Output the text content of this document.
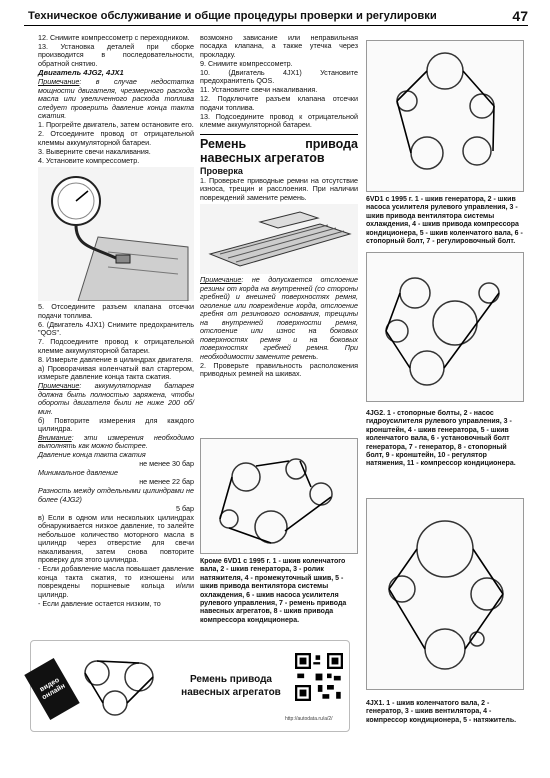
Техническое обслуживание и общие процедуры проверки и регулировки	47

12. Снимите компрессометр с переходником.

13. Установка деталей при сборке производится в последовательности, обратной снятию.

Двигатель 4JG2, 4JX1

Примечание: в случае недостатка мощности двигателя, чрезмерного расхода масла или увеличенного расхода топлива следует проверить давление конца такта сжатия.

1. Прогрейте двигатель, затем остановите его.

2. Отсоедините провод от отрицательной клеммы аккумуляторной батареи.

3. Выверните свечи накаливания.

4. Установите компрессометр.

5. Отсоедините разъем клапана отсечки подачи топлива.

6. (Двигатель 4JX1) Снимите предохранитель "QOS".

7. Подсоедините провод к отрицательной клемме аккумуляторной батареи.

8. Измерьте давление в цилиндрах двигателя.

а) Проворачивая коленчатый вал стартером, измерьте давление конца такта сжатия.

Примечание: аккумуляторная батарея должна быть полностью заряжена, чтобы обороты двигателя были не ниже 200 об/мин.

б) Повторите измерения для каждого цилиндра.

Внимание: эти измерения необходимо выполнять как можно быстрее.

Давление конца такта сжатия

не менее 30 бар

Минимальное давление

не менее 22 бар

Разность между отдельными цилиндрами не более (4JG2)

5 бар

в) Если в одном или нескольких цилиндрах обнаруживается низкое давление, то залейте небольшое количество моторного масла в цилиндр через отверстие для свечи накаливания, затем снова повторите проверку для этого цилиндра.

- Если добавление масла повышает давление конца такта сжатия, то изношены или повреждены поршневые кольца и/или цилиндр.

- Если давление остается низким, то

возможно зависание или неправильная посадка клапана, а также утечка через прокладку.

9. Снимите компрессометр.

10. (Двигатель 4JX1) Установите предохранитель QOS.

11. Установите свечи накаливания.

12. Подключите разъем клапана отсечки подачи топлива.

13. Подсоедините провод к отрицательной клемме аккумуляторной батареи.

Ремень привода навесных агрегатов

Проверка

1. Проверьте приводные ремни на отсутствие износа, трещин и расслоения. При наличии повреждений замените ремень.

Примечание: не допускается отслоение резины от корда на внутренней (со стороны гребней) и внешней поверхностях ремня, оголение или повреждение корда, отслоение гребня от резинового основания, трещины на внутренней поверхности ремня, отслоение или износ на боковых поверхностях ремня и на боковых поверхностях гребней ремня. При необходимости замените ремень.

2. Проверьте правильность расположения приводных ремней на шкивах.

Кроме 6VD1 с 1995 г. 1 - шкив коленчатого вала, 2 - шкив генератора, 3 - ролик натяжителя, 4 - промежуточный шкив, 5 - шкив привода вентилятора системы охлаждения, 6 - шкив насоса усилителя рулевого управления, 7 - ремень привода навесных агрегатов, 8 - шкив привода компрессора кондиционера.
6VD1 с 1995 г. 1 - шкив генератора, 2 - шкив насоса усилителя рулевого управления, 3 - шкив привода вентилятора системы охлаждения, 4 - шкив привода компрессора кондиционера, 5 - шкив коленчатого вала, 6 - стопорный болт, 7 - регулировочный болт.
4JG2. 1 - стопорные болты, 2 - насос гидроусилителя рулевого управления, 3 - кронштейн, 4 - шкив генератора, 5 - шкив коленчатого вала, 6 - установочный болт генератора, 7 - генератор, 8 - стопорный болт, 9 - кронштейн, 10 - регулятор натяжения, 11 - компрессор кондиционера.
4JX1. 1 - шкив коленчатого вала, 2 - генератор, 3 - шкив вентилятора, 4 - компрессор кондиционера, 5 - натяжитель.
видео онлайн
Ремень привода навесных агрегатов
http://autodata.ru/a/2/
